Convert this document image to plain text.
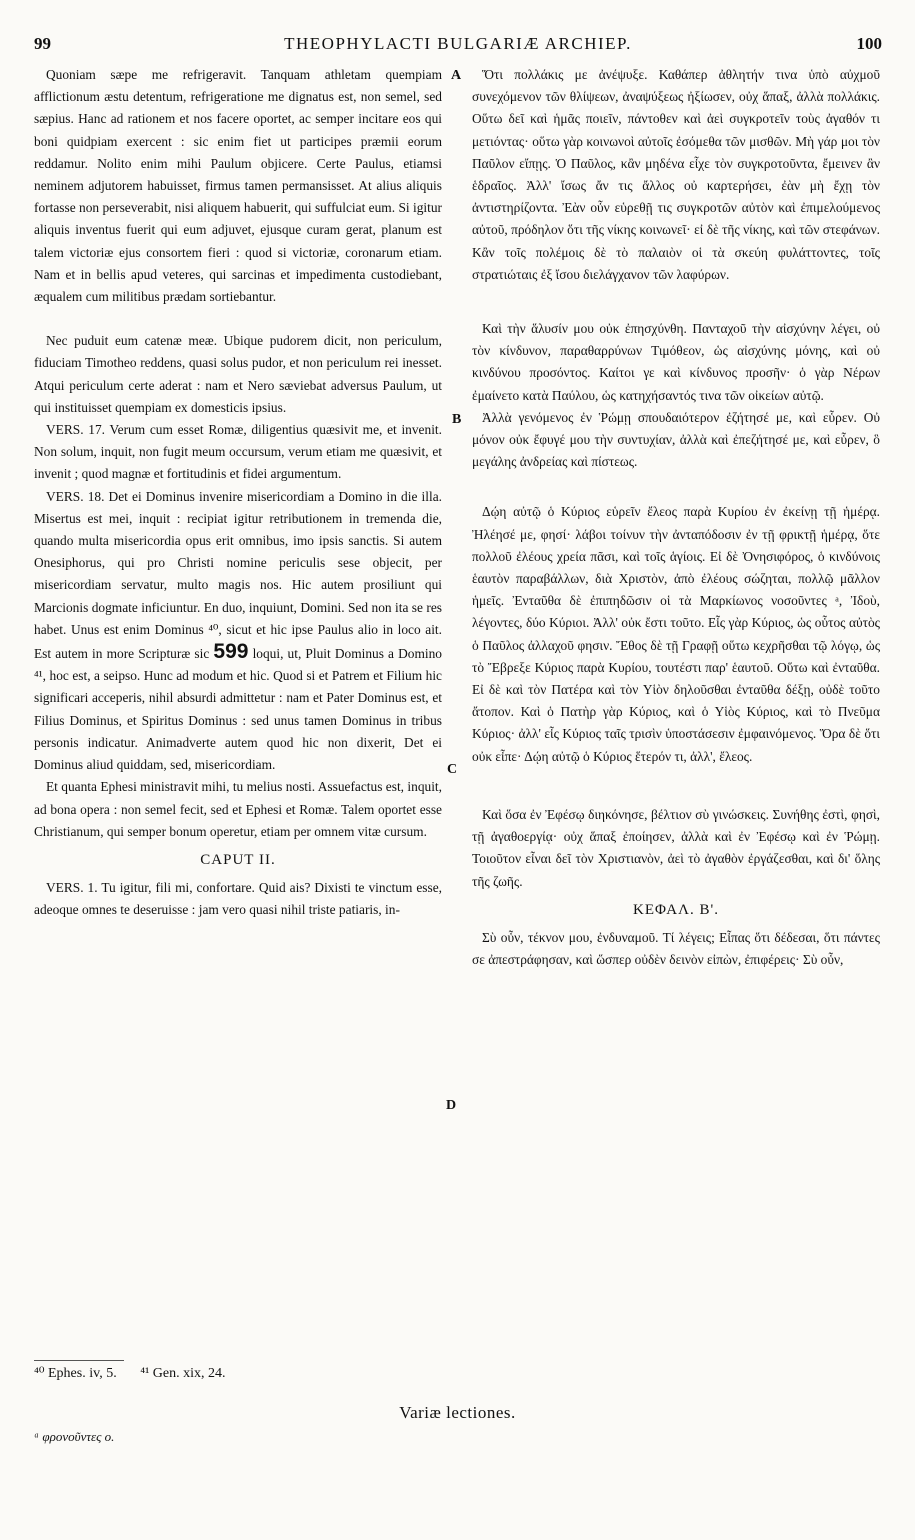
99	THEOPHYLACTI BULGARIÆ ARCHIEP.	100
A
B
C
D

Quoniam sæpe me refrigeravit. Tanquam athletam quempiam afflictionum æstu detentum, refrigeratione me dignatus est, non semel, sed sæpius. Hanc ad rationem et nos facere oportet, ac semper incitare eos qui boni quidpiam exercent : sic enim fiet ut participes præmii eorum reddamur. Nolito enim mihi Paulum objicere. Certe Paulus, etiamsi neminem adjutorem habuisset, firmus tamen permansisset. At alius aliquis fortasse non perseverabit, nisi aliquem habuerit, qui suffulciat eum. Si igitur aliquis inventus fuerit qui eum adjuvet, ejusque curam gerat, planum est talem victoriæ ejus consortem fieri : quod si victoriæ, coronarum etiam. Nam et in bellis apud veteres, qui sarcinas et impedimenta custodiebant, æqualem cum militibus prædam sortiebantur.

Nec puduit eum catenæ meæ. Ubique pudorem dicit, non periculum, fiduciam Timotheo reddens, quasi solus pudor, et non periculum rei inesset. Atqui periculum certe aderat : nam et Nero sæviebat adversus Paulum, ut qui instituisset quempiam ex domesticis ipsius.

VERS. 17. Verum cum esset Romæ, diligentius quæsivit me, et invenit. Non solum, inquit, non fugit meum occursum, verum etiam me quæsivit, et invenit ; quod magnæ et fortitudinis et fidei argumentum.

VERS. 18. Det ei Dominus invenire misericordiam a Domino in die illa. Misertus est mei, inquit : recipiat igitur retributionem in tremenda die, quando multa misericordia opus erit omnibus, imo ipsis sanctis. Si autem Onesiphorus, qui pro Christi nomine periculis sese objecit, per misericordiam servatur, multo magis nos. Hic autem prosiliunt qui Marcionis dogmate inficiuntur. En duo, inquiunt, Domini. Sed non ita se res habet. Unus est enim Dominus ⁴⁰, sicut et hic ipse Paulus alio in loco ait. Est autem in more Scripturæ sic 599 loqui, ut, Pluit Dominus a Domino ⁴¹, hoc est, a seipso. Hunc ad modum et hic. Quod si et Patrem et Filium hic significari acceperis, nihil absurdi admittetur : nam et Pater Dominus est, et Filius Dominus, et Spiritus Dominus : sed unus tamen Dominus in tribus personis indicatur. Animadverte autem quod hic non dixerit, Det ei Dominus aliud quiddam, sed, misericordiam.

Et quanta Ephesi ministravit mihi, tu melius nosti. Assuefactus est, inquit, ad bona opera : non semel fecit, sed et Ephesi et Romæ. Talem oportet esse Christianum, qui semper bonum operetur, etiam per omnem vitæ cursum.

CAPUT II.

VERS. 1. Tu igitur, fili mi, confortare. Quid ais? Dixisti te vinctum esse, adeoque omnes te deseruisse : jam vero quasi nihil triste patiaris, in-

Ὅτι πολλάκις με ἀνέψυξε. Καθάπερ ἀθλητήν τινα ὑπὸ αὐχμοῦ συνεχόμενον τῶν θλίψεων, ἀναψύξεως ἠξίωσεν, οὐχ ἅπαξ, ἀλλὰ πολλάκις. Οὕτω δεῖ καὶ ἡμᾶς ποιεῖν, πάντοθεν καὶ ἀεὶ συγκροτεῖν τοὺς ἀγαθόν τι μετιόντας· οὕτω γὰρ κοινωνοὶ αὐτοῖς ἐσόμεθα τῶν μισθῶν. Μὴ γάρ μοι τὸν Παῦλον εἴπῃς. Ὁ Παῦλος, κἂν μηδένα εἶχε τὸν συγκροτοῦντα, ἔμεινεν ἂν ἑδραῖος. Ἀλλ' ἴσως ἄν τις ἄλλος οὐ καρτερήσει, ἐὰν μὴ ἔχῃ τὸν ἀντιστηρίζοντα. Ἐὰν οὖν εὑρεθῇ τις συγκροτῶν αὐτὸν καὶ ἐπιμελούμενος αὐτοῦ, πρόδηλον ὅτι τῆς νίκης κοινωνεῖ· εἰ δὲ τῆς νίκης, καὶ τῶν στεφάνων. Κἂν τοῖς πολέμοις δὲ τὸ παλαιὸν οἱ τὰ σκεύη φυλάττοντες, τοῖς στρατιώταις ἐξ ἴσου διελάγχανον τῶν λαφύρων.

Καὶ τὴν ἅλυσίν μου οὐκ ἐπησχύνθη. Πανταχοῦ τὴν αἰσχύνην λέγει, οὐ τὸν κίνδυνον, παραθαρρύνων Τιμόθεον, ὡς αἰσχύνης μόνης, καὶ οὐ κινδύνου προσόντος. Καίτοι γε καὶ κίνδυνος προσῆν· ὁ γὰρ Νέρων ἐμαίνετο κατὰ Παύλου, ὡς κατηχήσαντός τινα τῶν οἰκείων αὐτῷ.

Ἀλλὰ γενόμενος ἐν Ῥώμῃ σπουδαιότερον ἐζήτησέ με, καὶ εὗρεν. Οὐ μόνον οὐκ ἔφυγέ μου τὴν συντυχίαν, ἀλλὰ καὶ ἐπεζήτησέ με, καὶ εὗρεν, ὃ μεγάλης ἀνδρείας καὶ πίστεως.

Δῴη αὐτῷ ὁ Κύριος εὑρεῖν ἔλεος παρὰ Κυρίου ἐν ἐκείνῃ τῇ ἡμέρᾳ. Ἠλέησέ με, φησί· λάβοι τοίνυν τὴν ἀνταπόδοσιν ἐν τῇ φρικτῇ ἡμέρᾳ, ὅτε πολλοῦ ἐλέους χρεία πᾶσι, καὶ τοῖς ἁγίοις. Εἰ δὲ Ὀνησιφόρος, ὁ κινδύνοις ἑαυτὸν παραβάλλων, διὰ Χριστὸν, ἀπὸ ἐλέους σώζηται, πολλῷ μᾶλλον ἡμεῖς. Ἐνταῦθα δὲ ἐπιπηδῶσιν οἱ τὰ Μαρκίωνος νοσοῦντες ᵃ, Ἰδοὺ, λέγοντες, δύο Κύριοι. Ἀλλ' οὐκ ἔστι τοῦτο. Εἷς γὰρ Κύριος, ὡς οὗτος αὐτὸς ὁ Παῦλος ἀλλαχοῦ φησιν. Ἔθος δὲ τῇ Γραφῇ οὕτω κεχρῆσθαι τῷ λόγῳ, ὡς τὸ Ἔβρεξε Κύριος παρὰ Κυρίου, τουτέστι παρ' ἑαυτοῦ. Οὕτω καὶ ἐνταῦθα. Εἰ δὲ καὶ τὸν Πατέρα καὶ τὸν Υἱὸν δηλοῦσθαι ἐνταῦθα δέξῃ, οὐδὲ τοῦτο ἄτοπον. Καὶ ὁ Πατὴρ γὰρ Κύριος, καὶ ὁ Υἱὸς Κύριος, καὶ τὸ Πνεῦμα Κύριος· ἀλλ' εἷς Κύριος ταῖς τρισὶν ὑποστάσεσιν ἐμφαινόμενος. Ὅρα δὲ ὅτι οὐκ εἶπε· Δῴη αὐτῷ ὁ Κύριος ἕτερόν τι, ἀλλ', ἔλεος.

Καὶ ὅσα ἐν Ἐφέσῳ διηκόνησε, βέλτιον σὺ γινώσκεις. Συνήθης ἐστὶ, φησὶ, τῇ ἀγαθοεργίᾳ· οὐχ ἅπαξ ἐποίησεν, ἀλλὰ καὶ ἐν Ἐφέσῳ καὶ ἐν Ῥώμῃ. Τοιοῦτον εἶναι δεῖ τὸν Χριστιανὸν, ἀεὶ τὸ ἀγαθὸν ἐργάζεσθαι, καὶ δι' ὅλης τῆς ζωῆς.

ΚΕΦΑΛ. Β'.

Σὺ οὖν, τέκνον μου, ἐνδυναμοῦ. Τί λέγεις; Εἶπας ὅτι δέδεσαι, ὅτι πάντες σε ἀπεστράφησαν, καὶ ὥσπερ οὐδὲν δεινὸν εἰπὼν, ἐπιφέρεις· Σὺ οὖν,

⁴⁰ Ephes. iv, 5. ⁴¹ Gen. xix, 24.
Variæ lectiones.
ᵃ φρονοῦντες ο.
